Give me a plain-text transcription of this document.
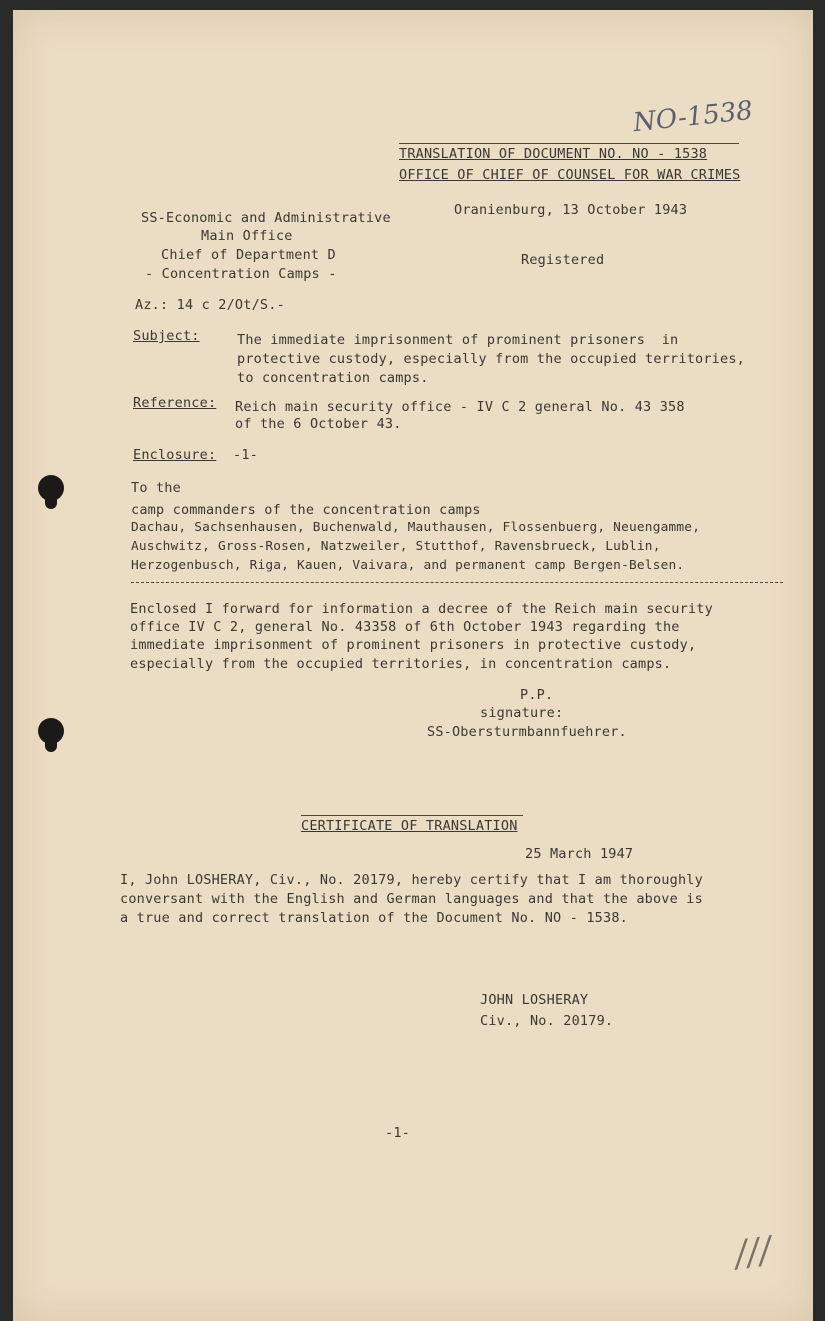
NO-1538
TRANSLATION OF DOCUMENT NO. NO - 1538
OFFICE OF CHIEF OF COUNSEL FOR WAR CRIMES
SS-Economic and Administrative
Main Office
Chief of Department D
- Concentration Camps -
Oranienburg, 13 October 1943
Registered
Az.: 14 c 2/Ot/S.-
Subject:	The immediate imprisonment of prominent prisoners  in
protective custody, especially from the occupied territories,
to concentration camps.
Reference: Reich main security office - IV C 2 general No. 43 358
of the 6 October 43.
Enclosure: -1-
To the
camp commanders of the concentration camps
Dachau, Sachsenhausen, Buchenwald, Mauthausen, Flossenbuerg, Neuengamme,
Auschwitz, Gross-Rosen, Natzweiler, Stutthof, Ravensbrueck, Lublin,
Herzogenbusch, Riga, Kauen, Vaivara, and permanent camp Bergen-Belsen.
Enclosed I forward for information a decree of the Reich main security
office IV C 2, general No. 43358 of 6th October 1943 regarding the
immediate imprisonment of prominent prisoners in protective custody,
especially from the occupied territories, in concentration camps.
P.P.
signature:
SS-Obersturmbannfuehrer.
CERTIFICATE OF TRANSLATION
25 March 1947
I, John LOSHERAY, Civ., No. 20179, hereby certify that I am thoroughly
conversant with the English and German languages and that the above is
a true and correct translation of the Document No. NO - 1538.
JOHN LOSHERAY
Civ., No. 20179.
-1-
///
